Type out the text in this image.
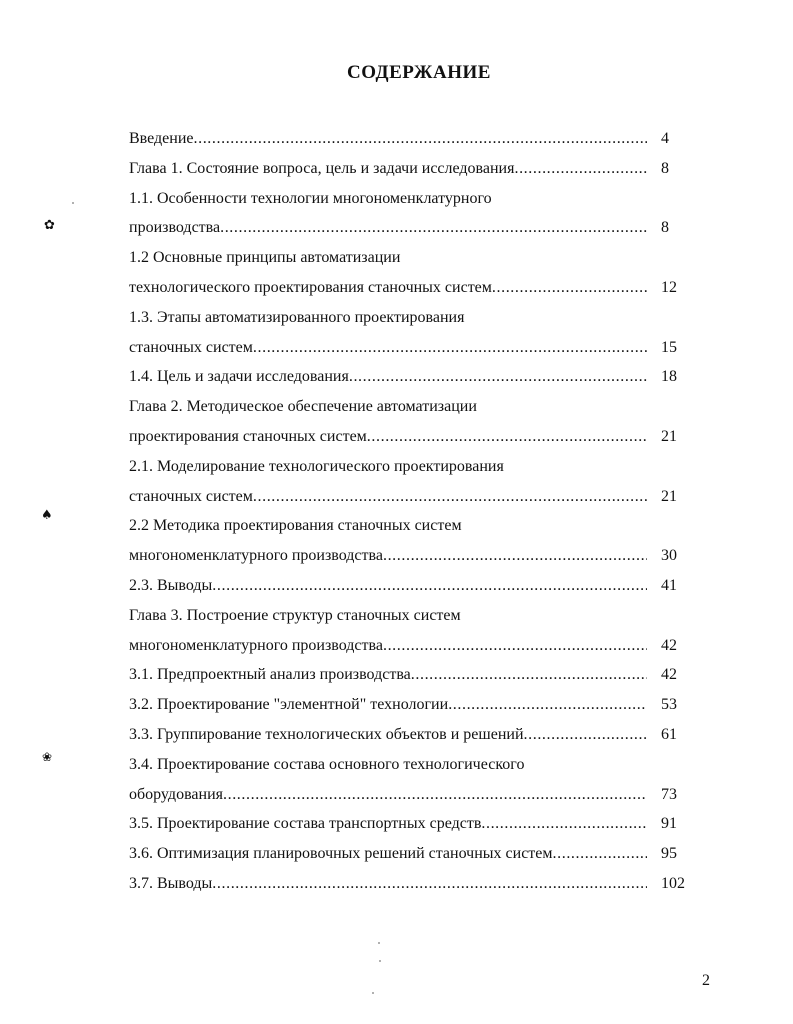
СОДЕРЖАНИЕ
Введение .....	4
Глава 1. Состояние вопроса, цель и задачи исследования .....	8
1.1. Особенности технологии многономенклатурного
производства .....	8
1.2 Основные принципы автоматизации
технологического проектирования станочных систем .....	12
1.3. Этапы автоматизированного проектирования
станочных систем .....	15
1.4. Цель и задачи исследования .....	18
Глава 2. Методическое обеспечение автоматизации
проектирования станочных систем .....	21
2.1. Моделирование технологического проектирования
станочных систем .....	21
2.2 Методика проектирования станочных систем
многономенклатурного производства .....	30
2.3. Выводы .....	41
Глава 3. Построение структур станочных систем
многономенклатурного производства .....	42
3.1. Предпроектный анализ производства .....	42
3.2. Проектирование "элементной" технологии .....	53
3.3. Группирование технологических объектов и решений .....	61
3.4. Проектирование состава основного технологического
оборудования .....	73
3.5. Проектирование состава транспортных средств .....	91
3.6. Оптимизация планировочных решений станочных систем .....	95
3.7. Выводы .....	102
2
✿
♠
❀
